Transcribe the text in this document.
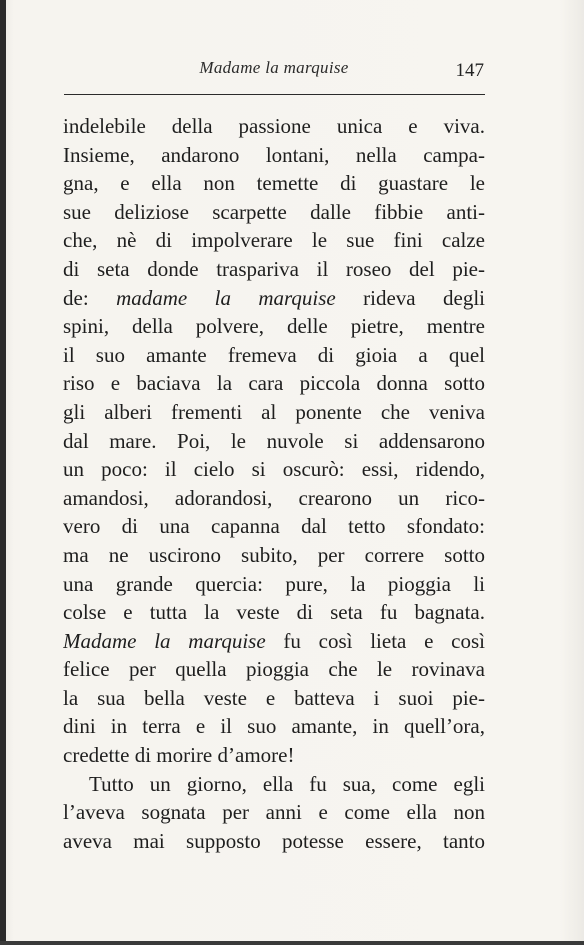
Madame la marquise	147
indelebile della passione unica e viva.
Insieme, andarono lontani, nella campa-
gna, e ella non temette di guastare le
sue deliziose scarpette dalle fibbie anti-
che, nè di impolverare le sue fini calze
di seta donde traspariva il roseo del pie-
de: madame la marquise rideva degli
spini, della polvere, delle pietre, mentre
il suo amante fremeva di gioia a quel
riso e baciava la cara piccola donna sotto
gli alberi frementi al ponente che veniva
dal mare. Poi, le nuvole si addensarono
un poco: il cielo si oscurò: essi, ridendo,
amandosi, adorandosi, crearono un rico-
vero di una capanna dal tetto sfondato:
ma ne uscirono subito, per correre sotto
una grande quercia: pure, la pioggia li
colse e tutta la veste di seta fu bagnata.
Madame la marquise fu così lieta e così
felice per quella pioggia che le rovinava
la sua bella veste e batteva i suoi pie-
dini in terra e il suo amante, in quell’ora,
credette di morire d’amore!
Tutto un giorno, ella fu sua, come egli
l’aveva sognata per anni e come ella non
aveva mai supposto potesse essere, tanto
